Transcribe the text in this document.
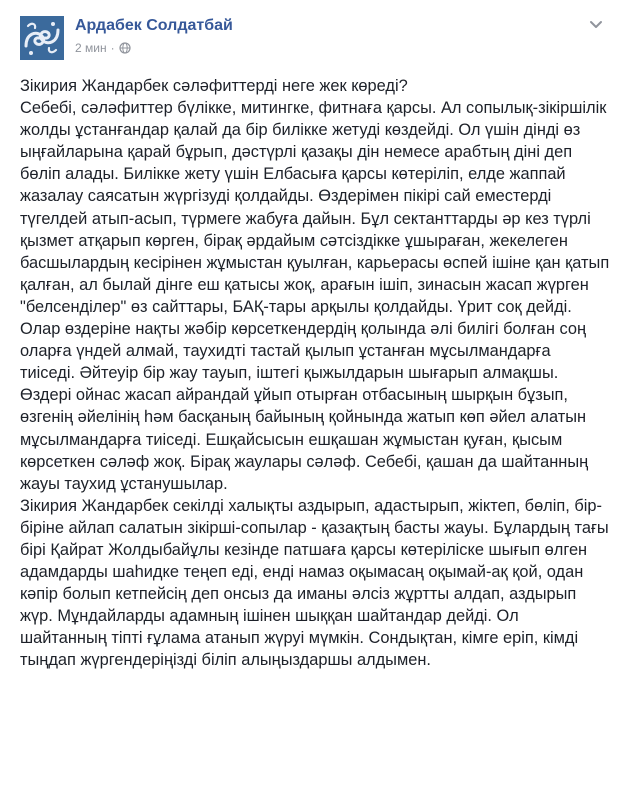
Ардабек Солдатбай
2 мин ·
Зікирия Жандарбек сәләфиттерді неге жек көреді?
Себебі, сәләфиттер бүлікке, митингке, фитнаға қарсы. Ал сопылық-зікіршілік жолды ұстанғандар қалай да бір билікке жетуді көздейді. Ол үшін дінді өз ыңғайларына қарай бұрып, дәстүрлі қазақы дін немесе арабтың діні деп бөліп алады. Билікке жету үшін Елбасыға қарсы көтеріліп, елде жаппай жазалау саясатын жүргізуді қолдайды. Өздерімен пікірі сай еместерді түгелдей атып-асып, түрмеге жабуға дайын. Бұл сектанттарды әр кез түрлі қызмет атқарып көрген, бірақ әрдайым сәтсіздікке ұшыраған, жекелеген басшылардың кесірінен жұмыстан қуылған, карьерасы өспей ішіне қан қатып қалған, ал былай дінге еш қатысы жоқ, арағын ішіп, зинасын жасап жүрген "белсенділер" өз сайттары, БАҚ-тары арқылы қолдайды. Үрит соқ дейді. Олар өздеріне нақты жәбір көрсеткендердің қолында әлі билігі болған соң оларға үндей алмай, таухидті тастай қылып ұстанған мұсылмандарға тиіседі. Әйтеуір бір жау тауып, іштегі қыжылдарын шығарып алмақшы. Өздері ойнас жасап айрандай ұйып отырған отбасының шырқын бұзып, өзгенің әйелінің һәм басқаның байының қойнында жатып көп әйел алатын мұсылмандарға тиіседі. Ешқайсысын ешқашан жұмыстан қуған, қысым көрсеткен сәләф жоқ. Бірақ жаулары сәләф. Себебі, қашан да шайтанның жауы таухид ұстанушылар.
Зікирия Жандарбек секілді халықты аздырып, адастырып, жіктеп, бөліп, бір-біріне айлап салатын зікірші-сопылар - қазақтың басты жауы. Бұлардың тағы бірі Қайрат Жолдыбайұлы кезінде патшаға қарсы көтеріліске шығып өлген адамдарды шаһидке теңеп еді, енді намаз оқымасаң оқымай-ақ қой, одан кәпір болып кетпейсің деп онсыз да иманы әлсіз жұртты алдап, аздырып жүр. Мұндайларды адамның ішінен шыққан шайтандар дейді. Ол шайтанның тіпті ғұлама атанып жүруі мүмкін. Сондықтан, кімге еріп, кімді тыңдап жүргендеріңізді біліп алыңыздаршы алдымен.
